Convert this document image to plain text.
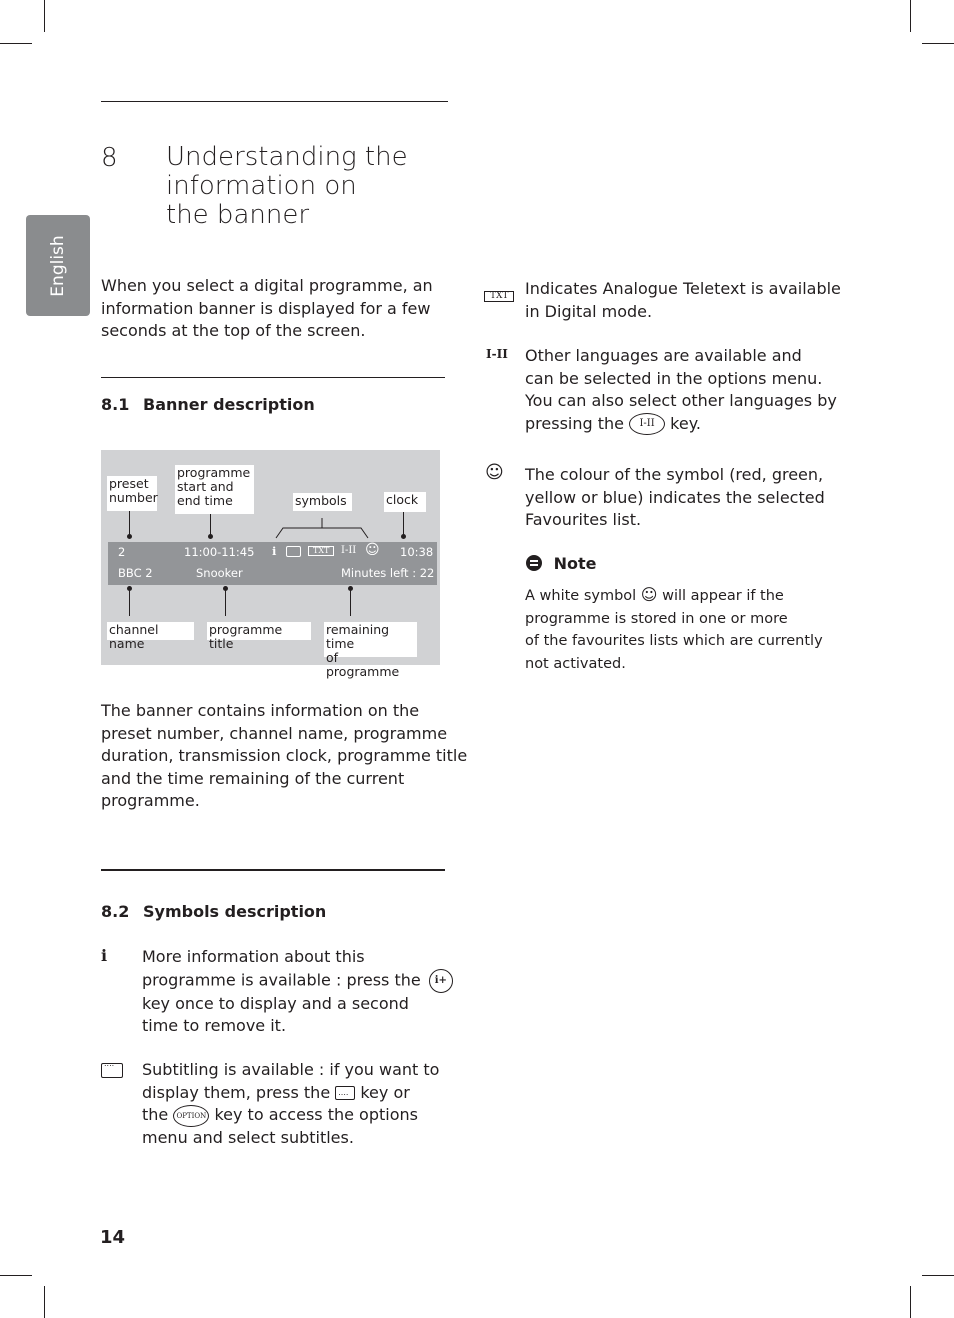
English
8 Understanding the
information on
the banner
When you select a digital programme, an
information banner is displayed for a few
seconds at the top of the screen.
8.1 Banner description
preset
number
programme
start and
end time	symbols	clock
2	11:00-11:45 i	TXT	I-II ☺ 10:38
BBC 2	Snooker	Minutes left : 22
channel name
programme title
remaining time
of programme
The banner contains information on the
preset number, channel name, programme
duration, transmission clock, programme title
and the time remaining of the current
programme.
8.2 Symbols description
i More information about this
programme is available : press the i+
key once to display and a second
time to remove it.
....
Subtitling is available : if you want to
display them, press the .... key or
the OPTION key to access the options
menu and select subtitles.
TXT	Indicates Analogue Teletext is available
in Digital mode.
I-II Other languages are available and
can be selected in the options menu.
You can also select other languages by
pressing the I-II key.
☺ The colour of the symbol (red, green,
yellow or blue) indicates the selected
Favourites list.
Note
A white symbol ☺ will appear if the
programme is stored in one or more
of the favourites lists which are currently
not activated.
14
